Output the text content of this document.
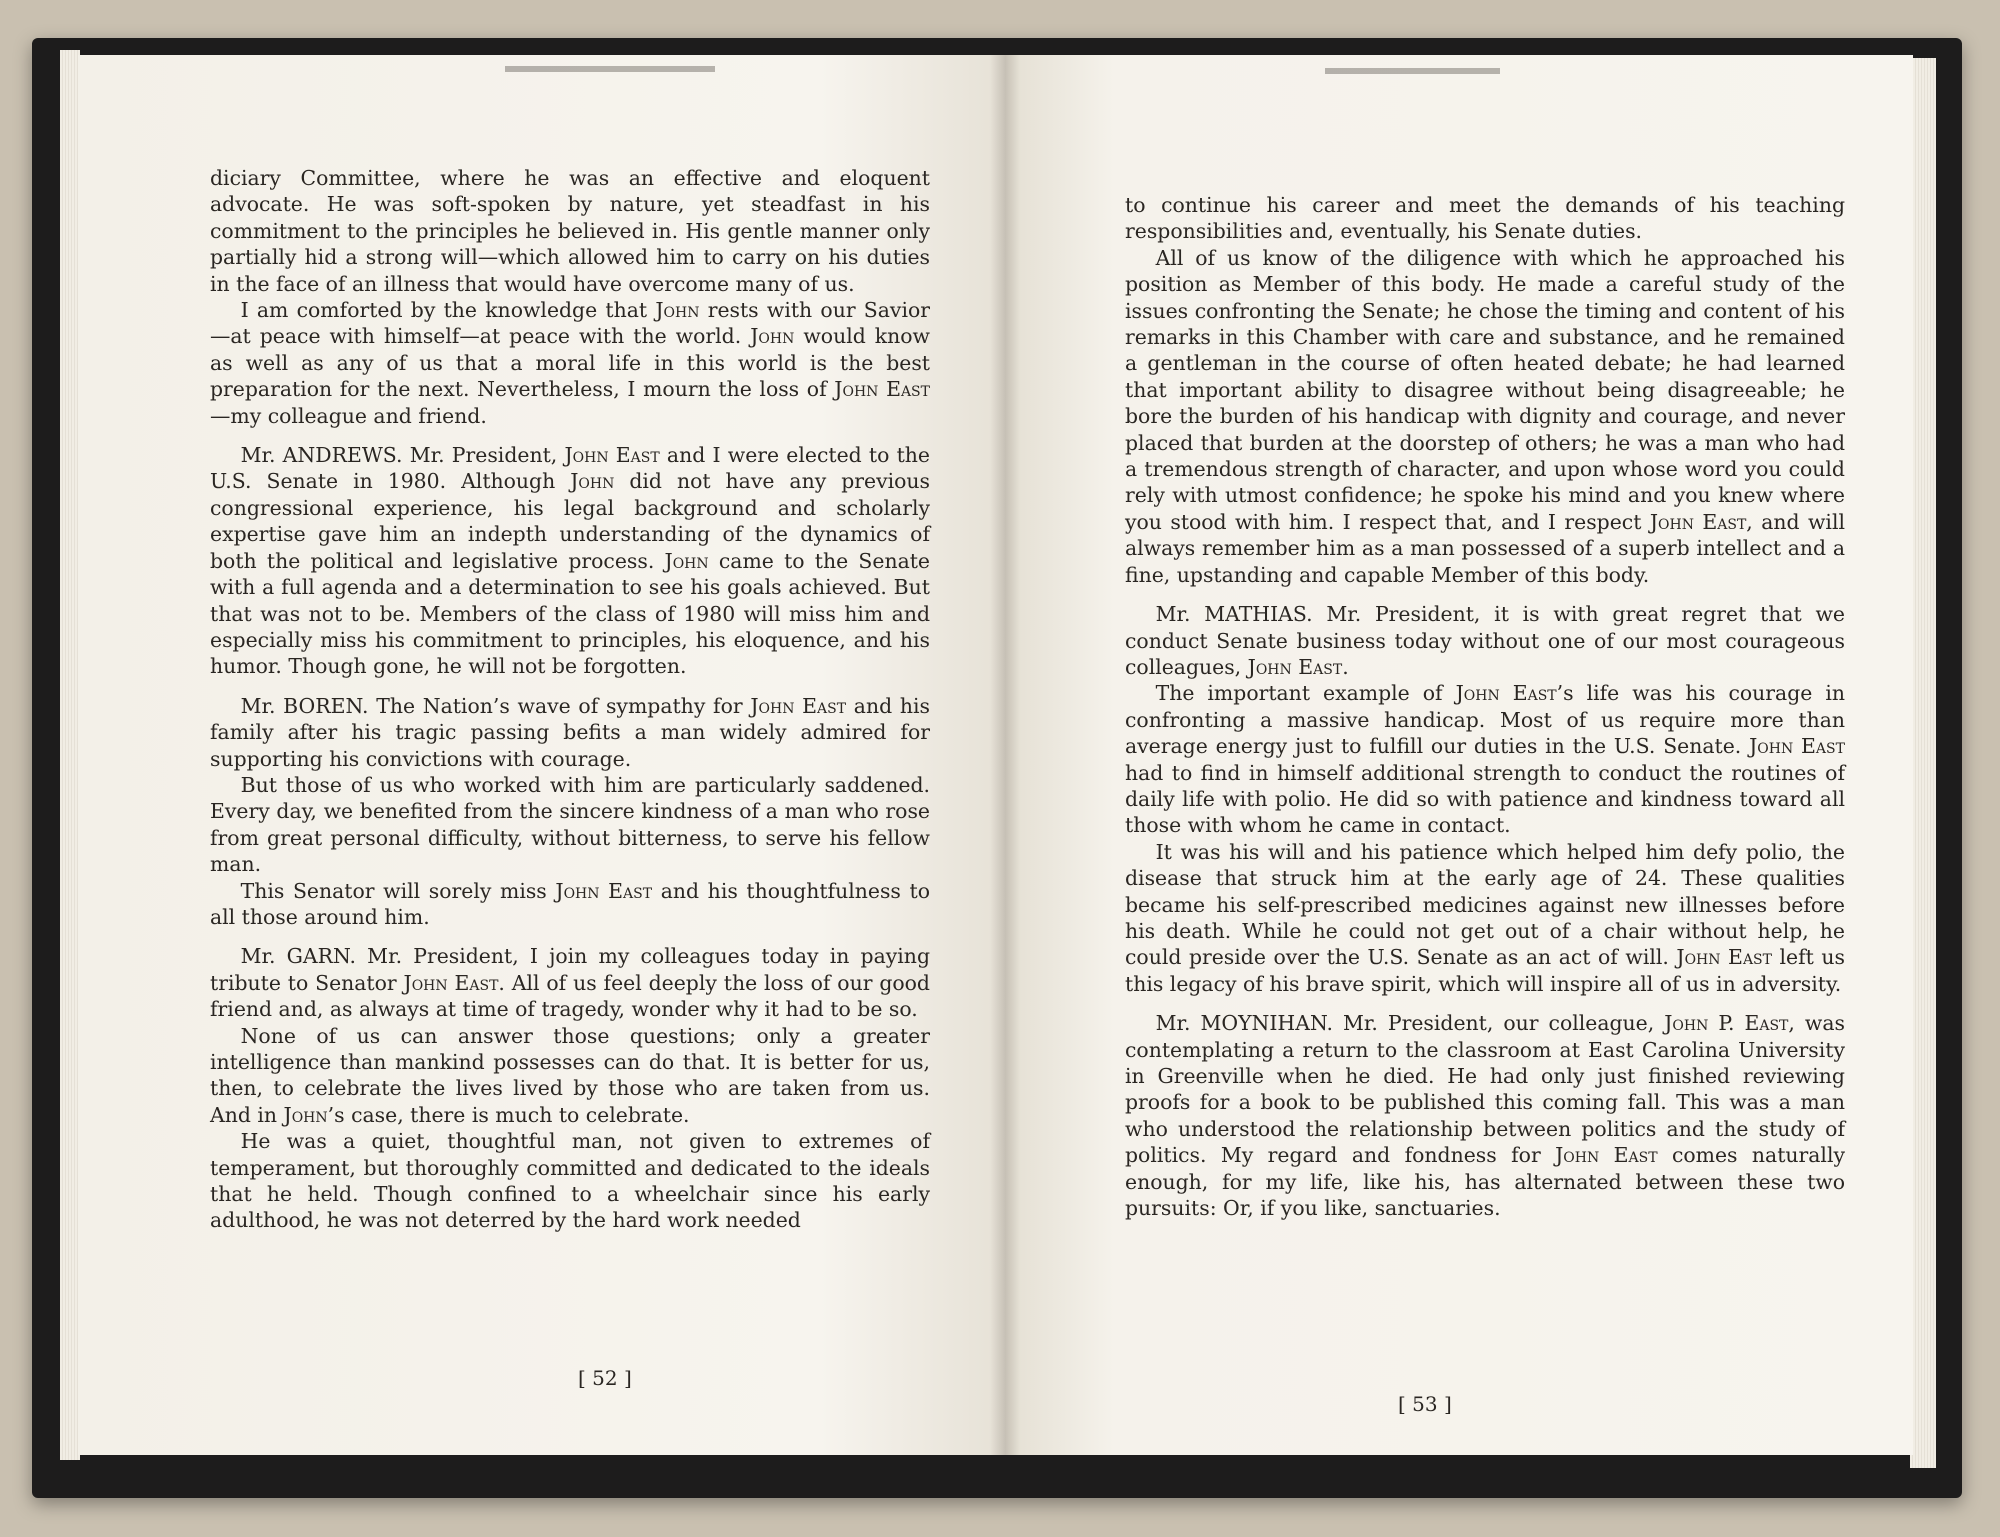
diciary Committee, where he was an effective and eloquent advocate. He was soft-spoken by nature, yet steadfast in his commitment to the principles he believed in. His gentle manner only partially hid a strong will—which allowed him to carry on his duties in the face of an illness that would have overcome many of us.

I am comforted by the knowledge that John rests with our Savior—at peace with himself—at peace with the world. John would know as well as any of us that a moral life in this world is the best preparation for the next. Nevertheless, I mourn the loss of John East—my colleague and friend.

Mr. ANDREWS. Mr. President, John East and I were elected to the U.S. Senate in 1980. Although John did not have any previous congressional experience, his legal background and scholarly expertise gave him an indepth understanding of the dynamics of both the political and legislative process. John came to the Senate with a full agenda and a determination to see his goals achieved. But that was not to be. Members of the class of 1980 will miss him and especially miss his commitment to principles, his eloquence, and his humor. Though gone, he will not be forgotten.

Mr. BOREN. The Nation’s wave of sympathy for John East and his family after his tragic passing befits a man widely admired for supporting his convictions with courage.

But those of us who worked with him are particularly saddened. Every day, we benefited from the sincere kindness of a man who rose from great personal difficulty, without bitterness, to serve his fellow man.

This Senator will sorely miss John East and his thoughtfulness to all those around him.

Mr. GARN. Mr. President, I join my colleagues today in paying tribute to Senator John East. All of us feel deeply the loss of our good friend and, as always at time of tragedy, wonder why it had to be so.

None of us can answer those questions; only a greater intelligence than mankind possesses can do that. It is better for us, then, to celebrate the lives lived by those who are taken from us. And in John’s case, there is much to celebrate.

He was a quiet, thoughtful man, not given to extremes of temperament, but thoroughly committed and dedicated to the ideals that he held. Though confined to a wheelchair since his early adulthood, he was not deterred by the hard work needed

to continue his career and meet the demands of his teaching responsibilities and, eventually, his Senate duties.

All of us know of the diligence with which he approached his position as Member of this body. He made a careful study of the issues confronting the Senate; he chose the timing and content of his remarks in this Chamber with care and substance, and he remained a gentleman in the course of often heated debate; he had learned that important ability to disagree without being disagreeable; he bore the burden of his handicap with dignity and courage, and never placed that burden at the doorstep of others; he was a man who had a tremendous strength of character, and upon whose word you could rely with utmost confidence; he spoke his mind and you knew where you stood with him. I respect that, and I respect John East, and will always remember him as a man possessed of a superb intellect and a fine, upstanding and capable Member of this body.

Mr. MATHIAS. Mr. President, it is with great regret that we conduct Senate business today without one of our most courageous colleagues, John East.

The important example of John East’s life was his courage in confronting a massive handicap. Most of us require more than average energy just to fulfill our duties in the U.S. Senate. John East had to find in himself additional strength to conduct the routines of daily life with polio. He did so with patience and kindness toward all those with whom he came in contact.

It was his will and his patience which helped him defy polio, the disease that struck him at the early age of 24. These qualities became his self-prescribed medicines against new illnesses before his death. While he could not get out of a chair without help, he could preside over the U.S. Senate as an act of will. John East left us this legacy of his brave spirit, which will inspire all of us in adversity.

Mr. MOYNIHAN. Mr. President, our colleague, John P. East, was contemplating a return to the classroom at East Carolina University in Greenville when he died. He had only just finished reviewing proofs for a book to be published this coming fall. This was a man who understood the relationship between politics and the study of politics. My regard and fondness for John East comes naturally enough, for my life, like his, has alternated between these two pursuits: Or, if you like, sanctuaries.

[ 52 ]
[ 53 ]
